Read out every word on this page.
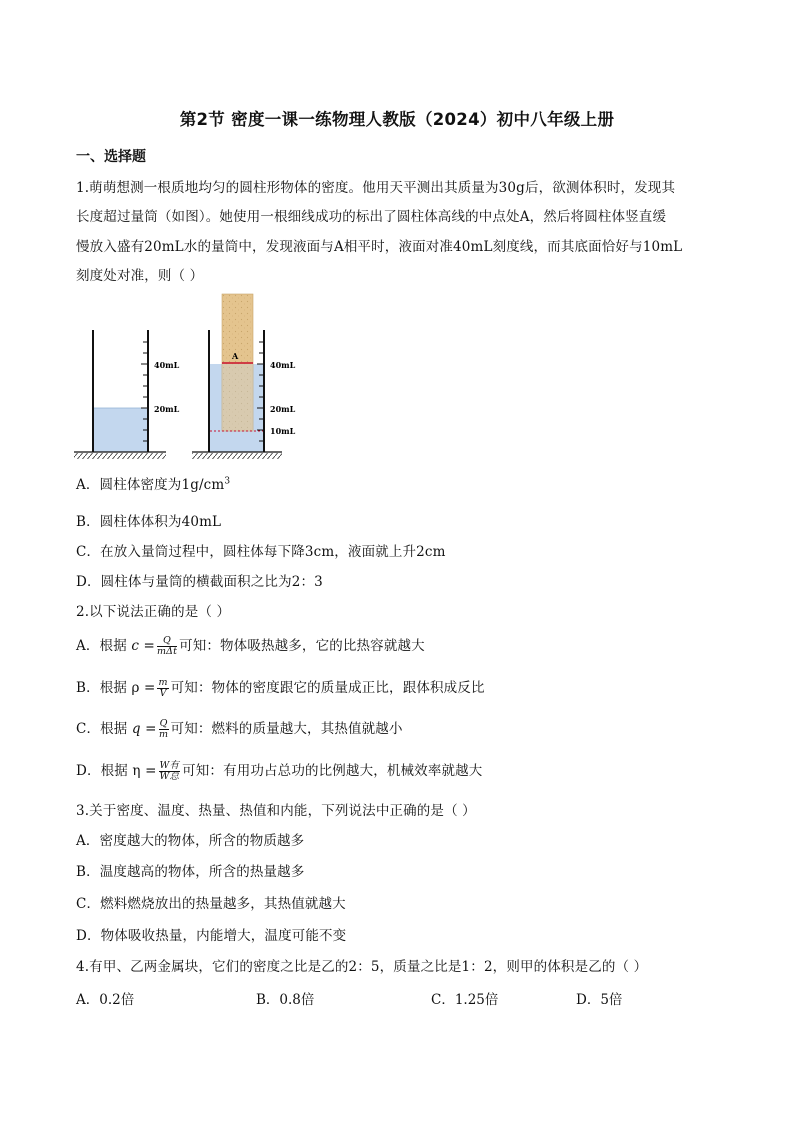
第2节 密度一课一练物理人教版（2024）初中八年级上册
一、选择题
1.萌萌想测一根质地均匀的圆柱形物体的密度。他用天平测出其质量为30g后，欲测体积时，发现其
长度超过量筒（如图）。她使用一根细线成功的标出了圆柱体高线的中点处A，然后将圆柱体竖直缓
慢放入盛有20mL水的量筒中，发现液面与A相平时，液面对准40mL刻度线，而其底面恰好与10mL
刻度处对准，则（ ）
40mL
20mL
A
40mL
20mL
10mL
A．圆柱体密度为$1g/cm^3$
B．圆柱体体积为40mL
C．在放入量筒过程中，圆柱体每下降3cm，液面就上升2cm
D．圆柱体与量筒的横截面积之比为2：3
2.以下说法正确的是（ ）
A．根据 $c = \frac{Q}{\text{mΔt}}$ 可知：物体吸热越多，它的比热容就越大
B．根据 $\rho = \frac{m}{V}$ 可知：物体的密度跟它的质量成正比，跟体积成反比
C．根据 $q = \frac{Q}{m}$ 可知：燃料的质量越大，其热值就越小
D．根据 $\eta = \frac{\text{W有}}{\text{W总}}$ 可知：有用功占总功的比例越大，机械效率就越大
3.关于密度、温度、热量、热值和内能，下列说法中正确的是（ ）
A．密度越大的物体，所含的物质越多
B．温度越高的物体，所含的热量越多
C．燃料燃烧放出的热量越多，其热值就越大
D．物体吸收热量，内能增大，温度可能不变
4.有甲、乙两金属块，它们的密度之比是乙的2：5，质量之比是1：2，则甲的体积是乙的（ ）
A．0.2倍	B．0.8倍	C．1.25倍	D．5倍
